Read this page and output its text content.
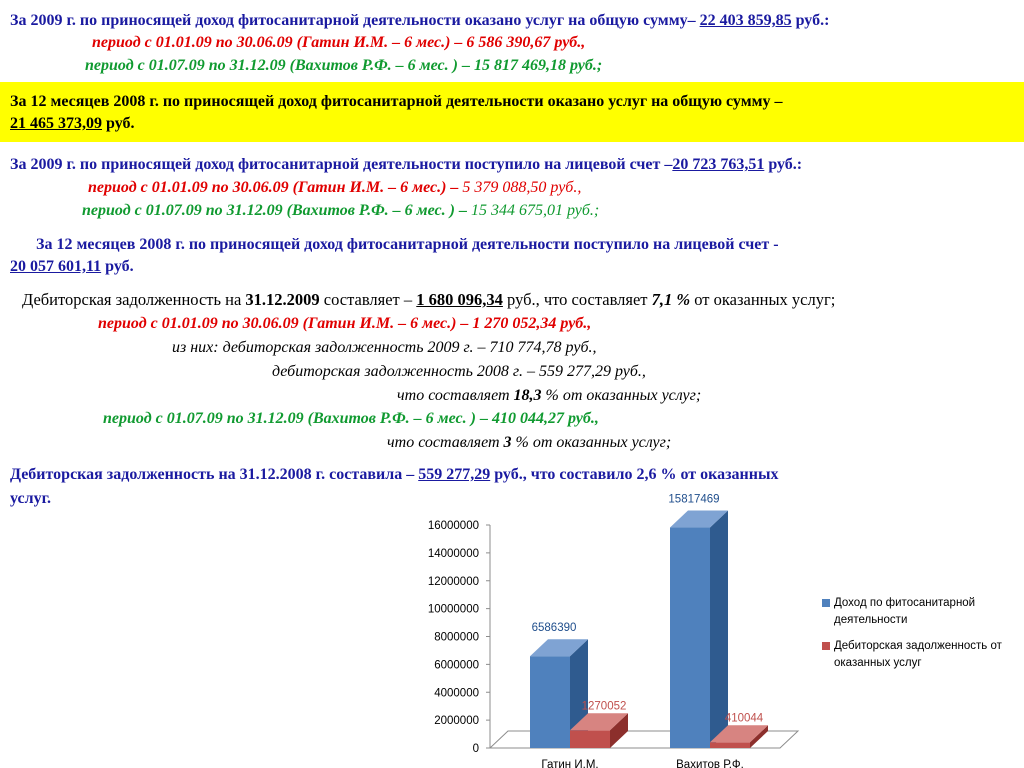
За 2009 г. по приносящей доход фитосанитарной деятельности оказано услуг на общую сумму– 22 403 859,85 руб.:
период с 01.01.09 по 30.06.09 (Гатин И.М. – 6 мес.) – 6 586 390,67 руб.,
период с 01.07.09 по 31.12.09 (Вахитов Р.Ф. – 6 мес. ) – 15 817 469,18 руб.;
За 12 месяцев 2008 г. по приносящей доход фитосанитарной деятельности оказано услуг на общую сумму –
21 465 373,09 руб.
За 2009 г. по приносящей доход фитосанитарной деятельности поступило на лицевой счет –20 723 763,51 руб.:
период с 01.01.09 по 30.06.09 (Гатин И.М. – 6 мес.) – 5 379 088,50 руб.,
период с 01.07.09 по 31.12.09 (Вахитов Р.Ф. – 6 мес. ) – 15 344 675,01 руб.;
За 12 месяцев 2008 г. по приносящей доход фитосанитарной деятельности поступило на лицевой счет -
20 057 601,11 руб.
Дебиторская задолженность на 31.12.2009 составляет – 1 680 096,34 руб., что составляет 7,1 % от оказанных услуг;
период с 01.01.09 по 30.06.09 (Гатин И.М. – 6 мес.) – 1 270 052,34 руб.,
из них: дебиторская задолженность 2009 г. – 710 774,78 руб.,
дебиторская задолженность 2008 г. – 559 277,29 руб.,
что составляет 18,3 % от оказанных услуг;
период с 01.07.09 по 31.12.09 (Вахитов Р.Ф. – 6 мес. ) – 410 044,27 руб.,
что составляет 3 % от оказанных услуг;
Дебиторская задолженность на 31.12.2008 г. составила – 559 277,29 руб., что составило 2,6 % от оказанных
услуг.
0
2000000
4000000
6000000
8000000
10000000
12000000
14000000
16000000
Гатин И.М.	Вахитов Р.Ф.
6586390
1270052
15817469
410044
Доход по фитосанитарной деятельности
Дебиторская задолженность от оказанных услуг
